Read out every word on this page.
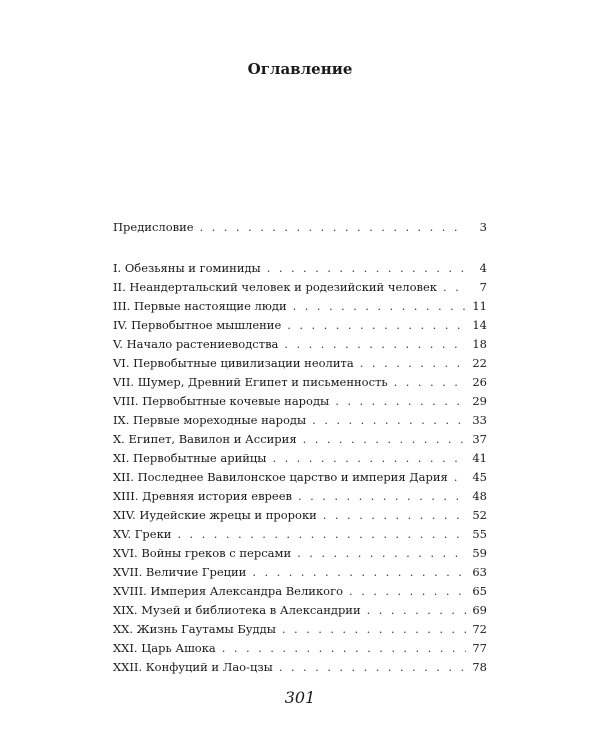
Оглавление
Предисловие . . .	3
I. Обезьяны и гоминиды . . .	4
II. Неандертальский человек и родезийский человек . . .	7
III. Первые настоящие люди . . .	11
IV. Первобытное мышление . . .	14
V. Начало растениеводства . . .	18
VI. Первобытные цивилизации неолита . . .	22
VII. Шумер, Древний Египет и письменность . . .	26
VIII. Первобытные кочевые народы . . .	29
IX. Первые мореходные народы . . .	33
X. Египет, Вавилон и Ассирия . . .	37
XI. Первобытные арийцы . . .	41
XII. Последнее Вавилонское царство и империя Дария . . . 45
XIII. Древняя история евреев . . .	48
XIV. Иудейские жрецы и пророки . . .	52
XV. Греки . . .	55
XVI. Войны греков с персами . . .	59
XVII. Величие Греции . . .	63
XVIII. Империя Александра Великого . . .	65
XIX. Музей и библиотека в Александрии . . .	69
XX. Жизнь Гаутамы Будды . . .	72
XXI. Царь Ашока . . .	77
XXII. Конфуций и Лао-цзы . . .	78
301
